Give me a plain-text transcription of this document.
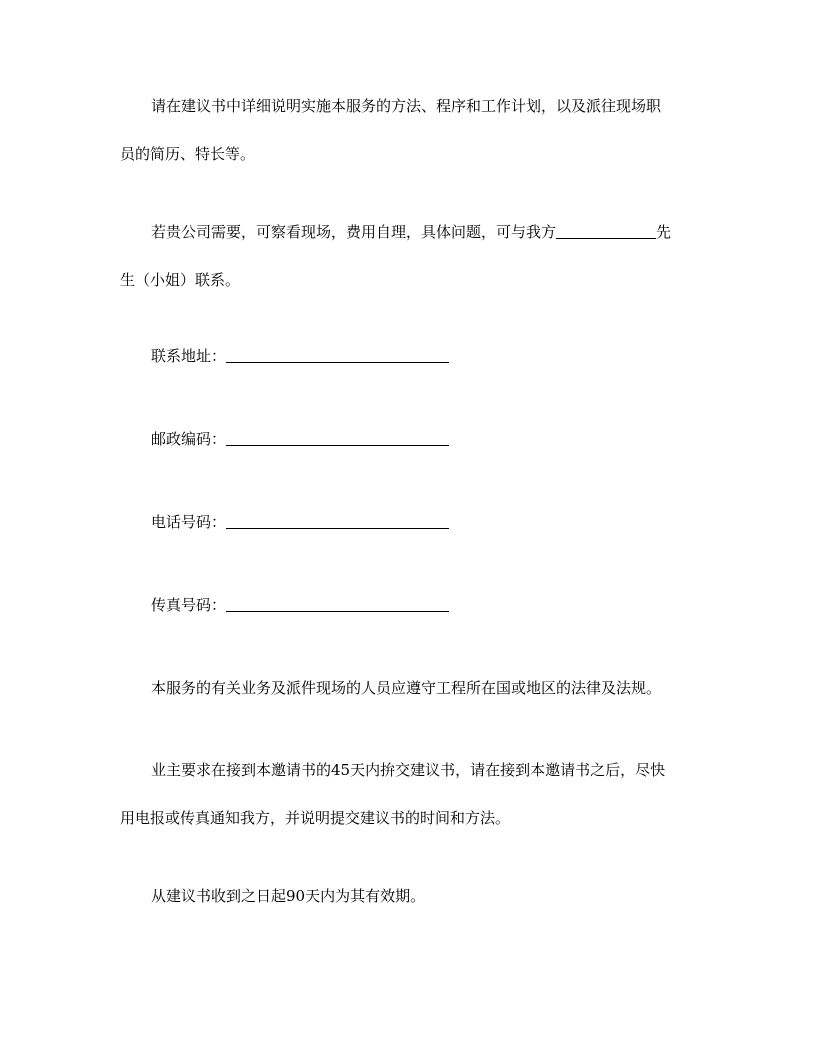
请在建议书中详细说明实施本服务的方法、程序和工作计划，以及派往现场职
员的简历、特长等。
若贵公司需要，可察看现场，费用自理，具体问题，可与我方	先
生（小姐）联系。
联系地址：
邮政编码：
电话号码：
传真号码：
本服务的有关业务及派件现场的人员应遵守工程所在国或地区的法律及法规。
业主要求在接到本邀请书的45天内拚交建议书，请在接到本邀请书之后，尽快
用电报或传真通知我方，并说明提交建议书的时间和方法。
从建议书收到之日起90天内为其有效期。
